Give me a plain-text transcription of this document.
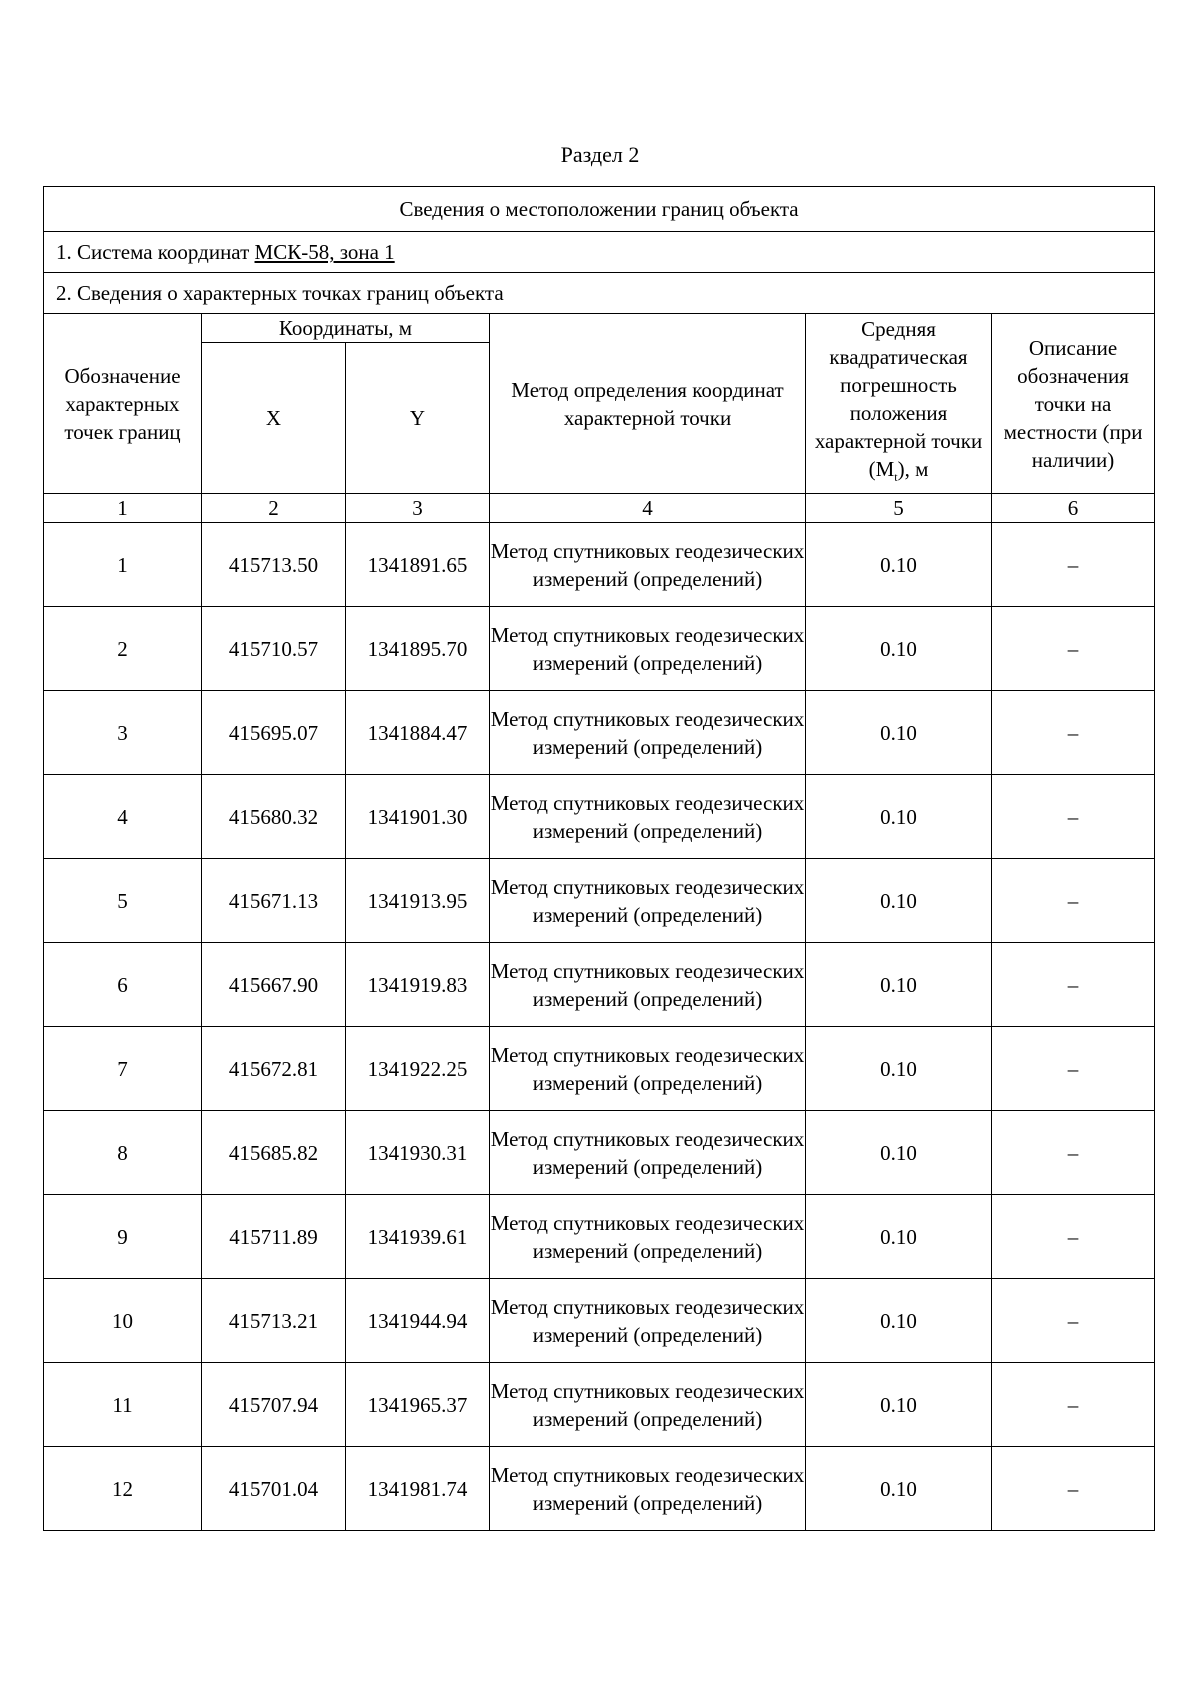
Раздел 2
Сведения о местоположении границ объекта					
1. Система координат МСК-58, зона 1					
2. Сведения о характерных точках границ объекта					
Обозначение характерных точек границ	Координаты, м		Метод определения координат характерной точки	Средняя квадратическая погрешность положения характерной точки $(M_t)$, м	Описание обозначения точки на местности (при наличии)
	X	Y			
1	2	3	4	5	6
1	415713.50	1341891.65	Метод спутниковых геодезических измерений (определений)	0.10	–
2	415710.57	1341895.70	Метод спутниковых геодезических измерений (определений)	0.10	–
3	415695.07	1341884.47	Метод спутниковых геодезических измерений (определений)	0.10	–
4	415680.32	1341901.30	Метод спутниковых геодезических измерений (определений)	0.10	–
5	415671.13	1341913.95	Метод спутниковых геодезических измерений (определений)	0.10	–
6	415667.90	1341919.83	Метод спутниковых геодезических измерений (определений)	0.10	–
7	415672.81	1341922.25	Метод спутниковых геодезических измерений (определений)	0.10	–
8	415685.82	1341930.31	Метод спутниковых геодезических измерений (определений)	0.10	–
9	415711.89	1341939.61	Метод спутниковых геодезических измерений (определений)	0.10	–
10	415713.21	1341944.94	Метод спутниковых геодезических измерений (определений)	0.10	–
11	415707.94	1341965.37	Метод спутниковых геодезических измерений (определений)	0.10	–
12	415701.04	1341981.74	Метод спутниковых геодезических измерений (определений)	0.10	–
